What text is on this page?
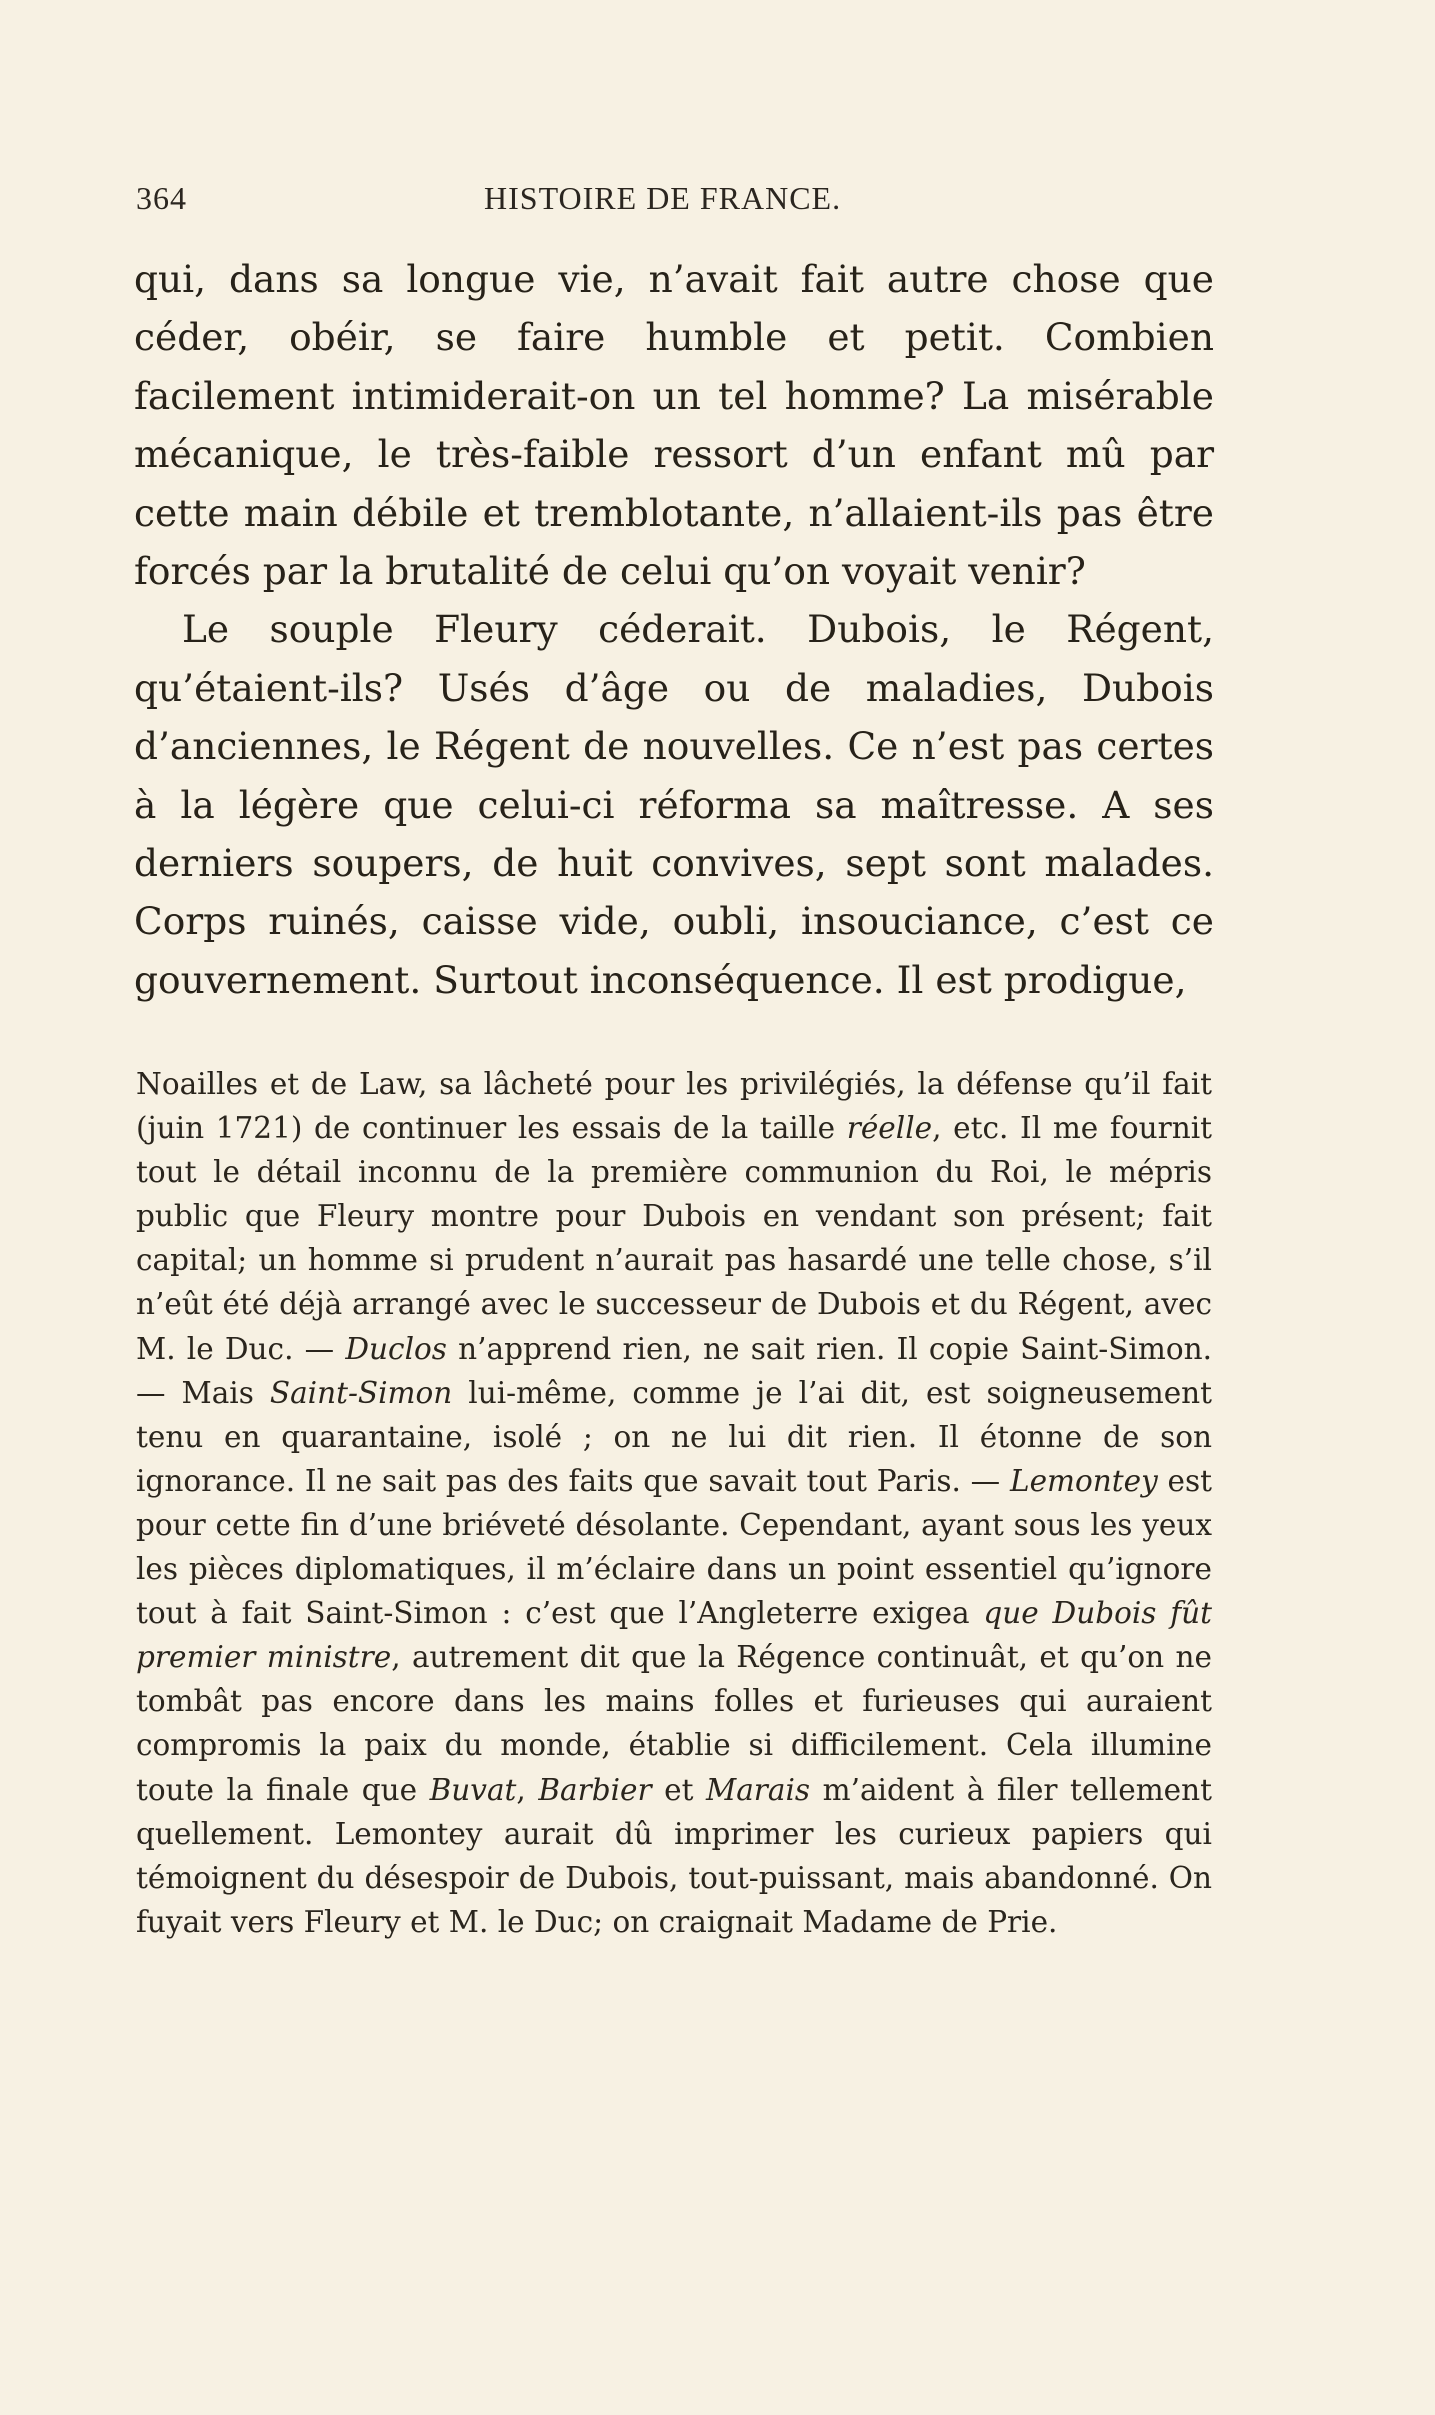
364	HISTOIRE DE FRANCE.

qui, dans sa longue vie, n’avait fait autre chose que céder, obéir, se faire humble et petit. Combien facilement intimiderait-on un tel homme? La misérable mécanique, le très-faible ressort d’un enfant mû par cette main débile et tremblotante, n’allaient-ils pas être forcés par la brutalité de celui qu’on voyait venir?

Le souple Fleury céderait. Dubois, le Régent, qu’étaient-ils? Usés d’âge ou de maladies, Dubois d’anciennes, le Régent de nouvelles. Ce n’est pas certes à la légère que celui-ci réforma sa maîtresse. A ses derniers soupers, de huit convives, sept sont malades. Corps ruinés, caisse vide, oubli, insouciance, c’est ce gouvernement. Surtout inconséquence. Il est prodigue,

Noailles et de Law, sa lâcheté pour les privilégiés, la défense qu’il fait (juin 1721) de continuer les essais de la taille réelle, etc. Il me fournit tout le détail inconnu de la première communion du Roi, le mépris public que Fleury montre pour Dubois en vendant son présent; fait capital; un homme si prudent n’aurait pas hasardé une telle chose, s’il n’eût été déjà arrangé avec le successeur de Dubois et du Régent, avec M. le Duc. — Duclos n’apprend rien, ne sait rien. Il copie Saint-Simon. — Mais Saint-Simon lui-même, comme je l’ai dit, est soigneusement tenu en quarantaine, isolé ; on ne lui dit rien. Il étonne de son ignorance. Il ne sait pas des faits que savait tout Paris. — Lemontey est pour cette fin d’une briéveté désolante. Cependant, ayant sous les yeux les pièces diplomatiques, il m’éclaire dans un point essentiel qu’ignore tout à fait Saint-Simon : c’est que l’Angleterre exigea que Dubois fût premier ministre, autrement dit que la Régence continuât, et qu’on ne tombât pas encore dans les mains folles et furieuses qui auraient compromis la paix du monde, établie si difficilement. Cela illumine toute la finale que Buvat, Barbier et Marais m’aident à filer tellement quellement. Lemontey aurait dû imprimer les curieux papiers qui témoignent du désespoir de Dubois, tout-puissant, mais abandonné. On fuyait vers Fleury et M. le Duc; on craignait Madame de Prie.
